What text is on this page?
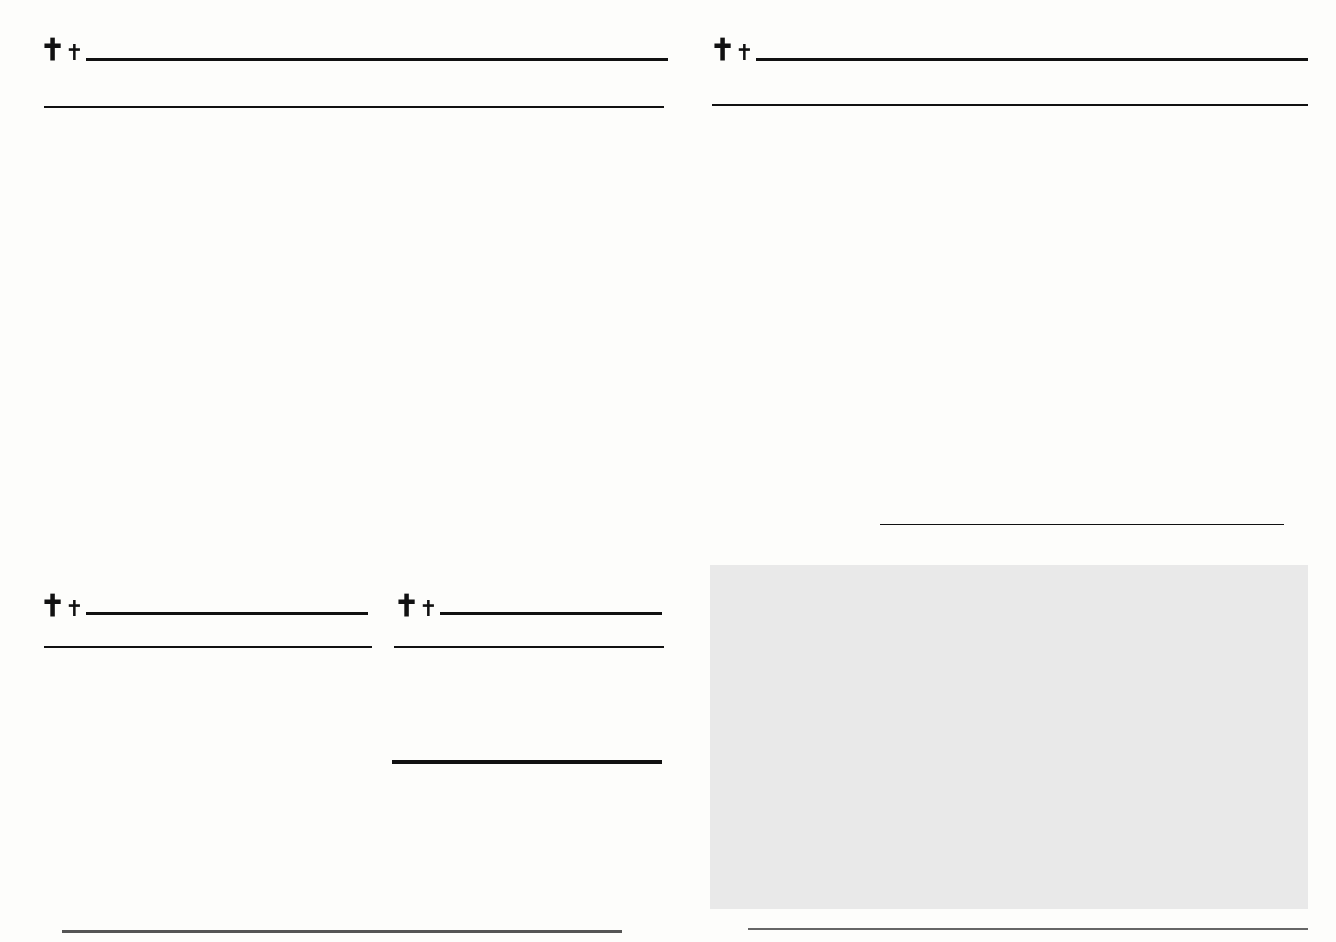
✝✝
✝✝	✝✝

✝✝
